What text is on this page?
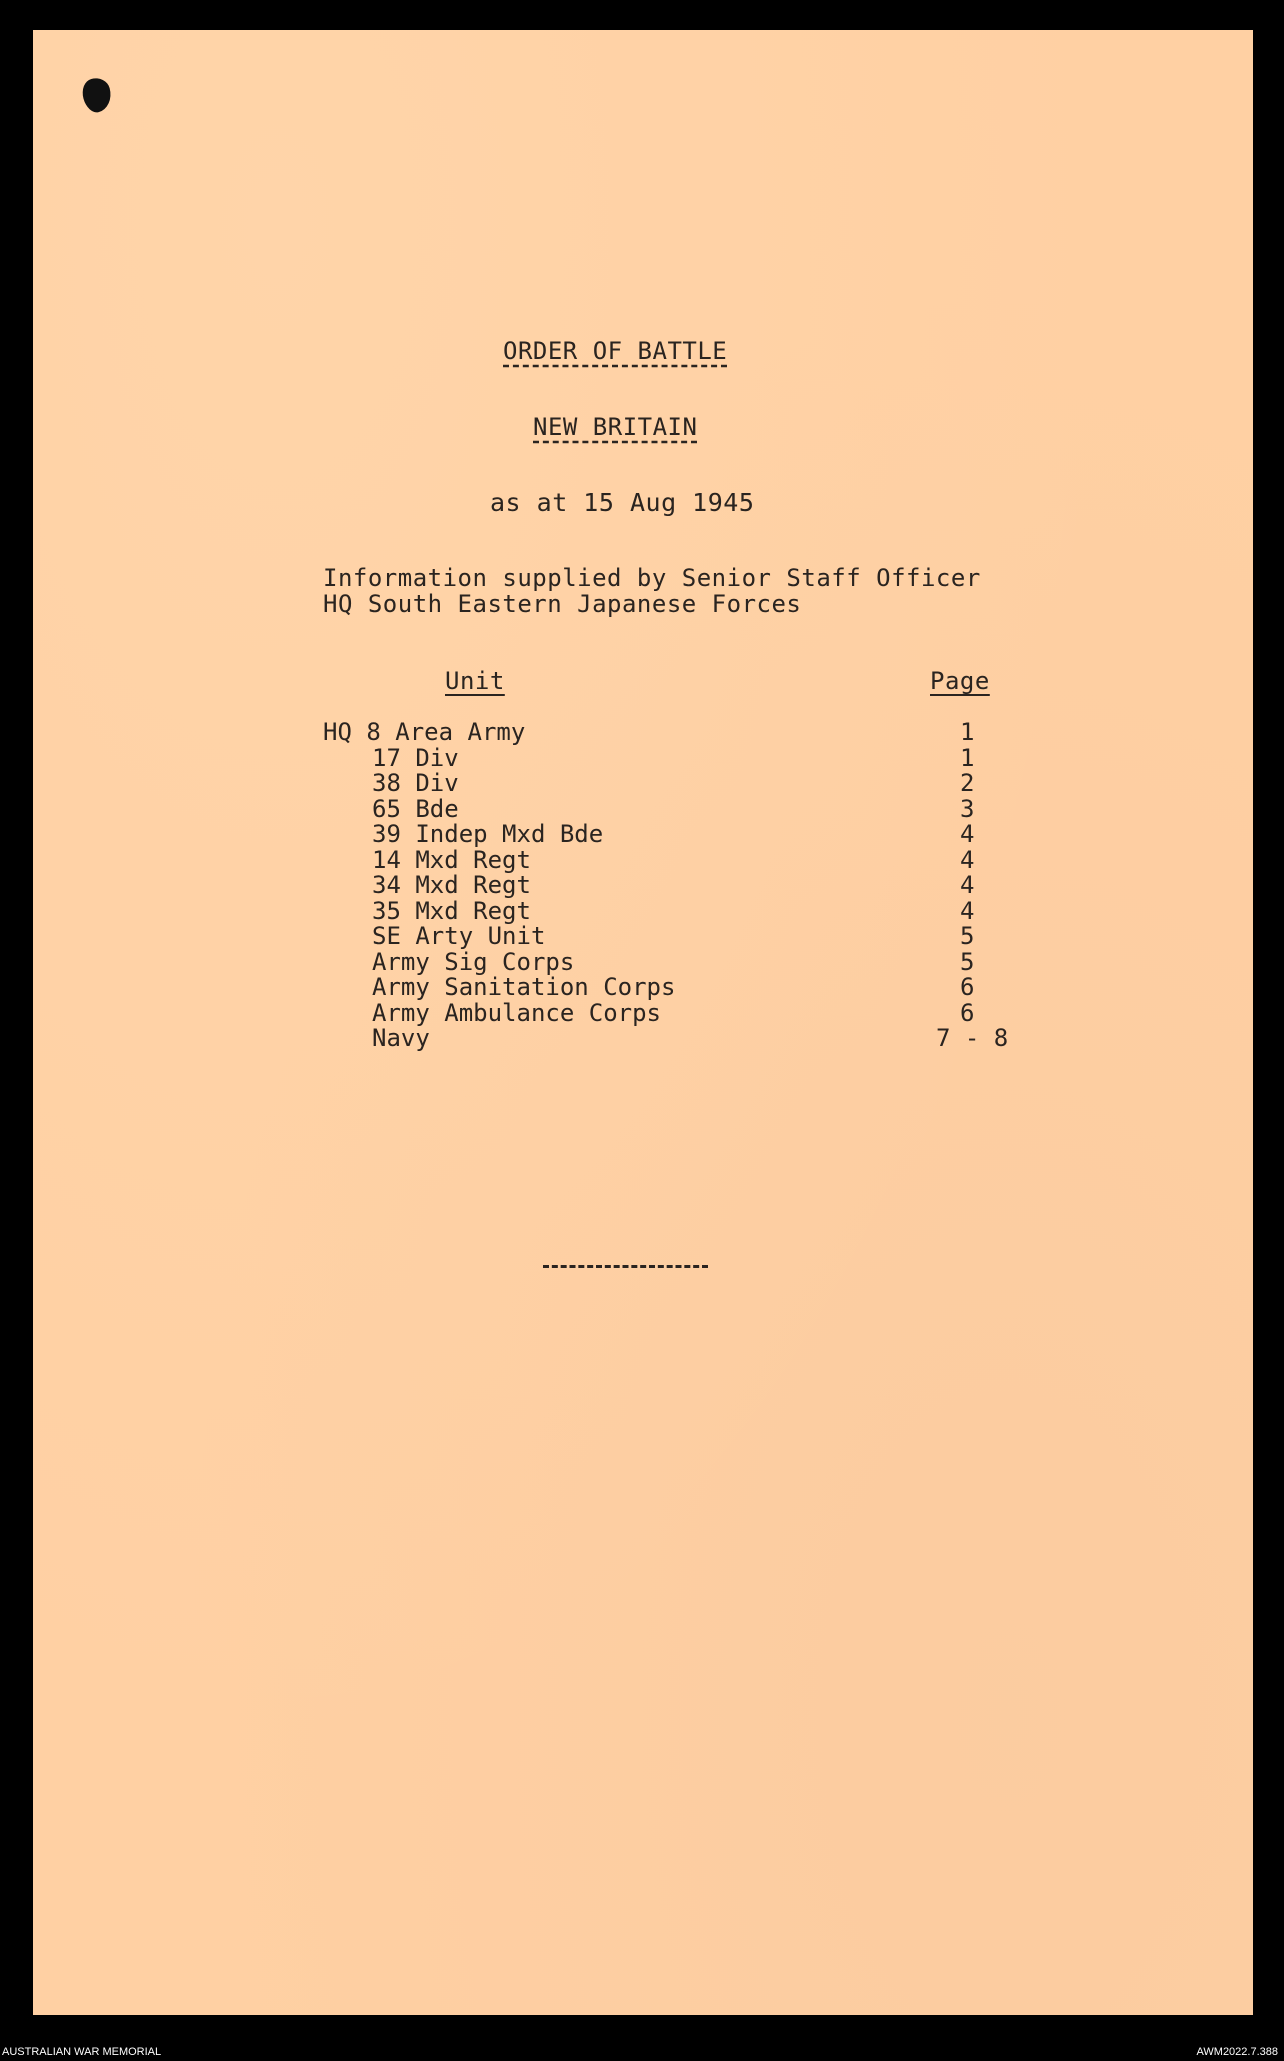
ORDER OF BATTLE
NEW BRITAIN
as at 15 Aug 1945
Information supplied by Senior Staff Officer
HQ South Eastern Japanese Forces
Unit	Page
HQ 8 Area Army	1
17 Div	1
38 Div	2
65 Bde	3
39 Indep Mxd Bde	4
14 Mxd Regt	4
34 Mxd Regt	4
35 Mxd Regt	4
SE Arty Unit	5
Army Sig Corps	5
Army Sanitation Corps	6
Army Ambulance Corps	6
Navy	7 - 8
AUSTRALIAN WAR MEMORIAL	AWM2022.7.388
